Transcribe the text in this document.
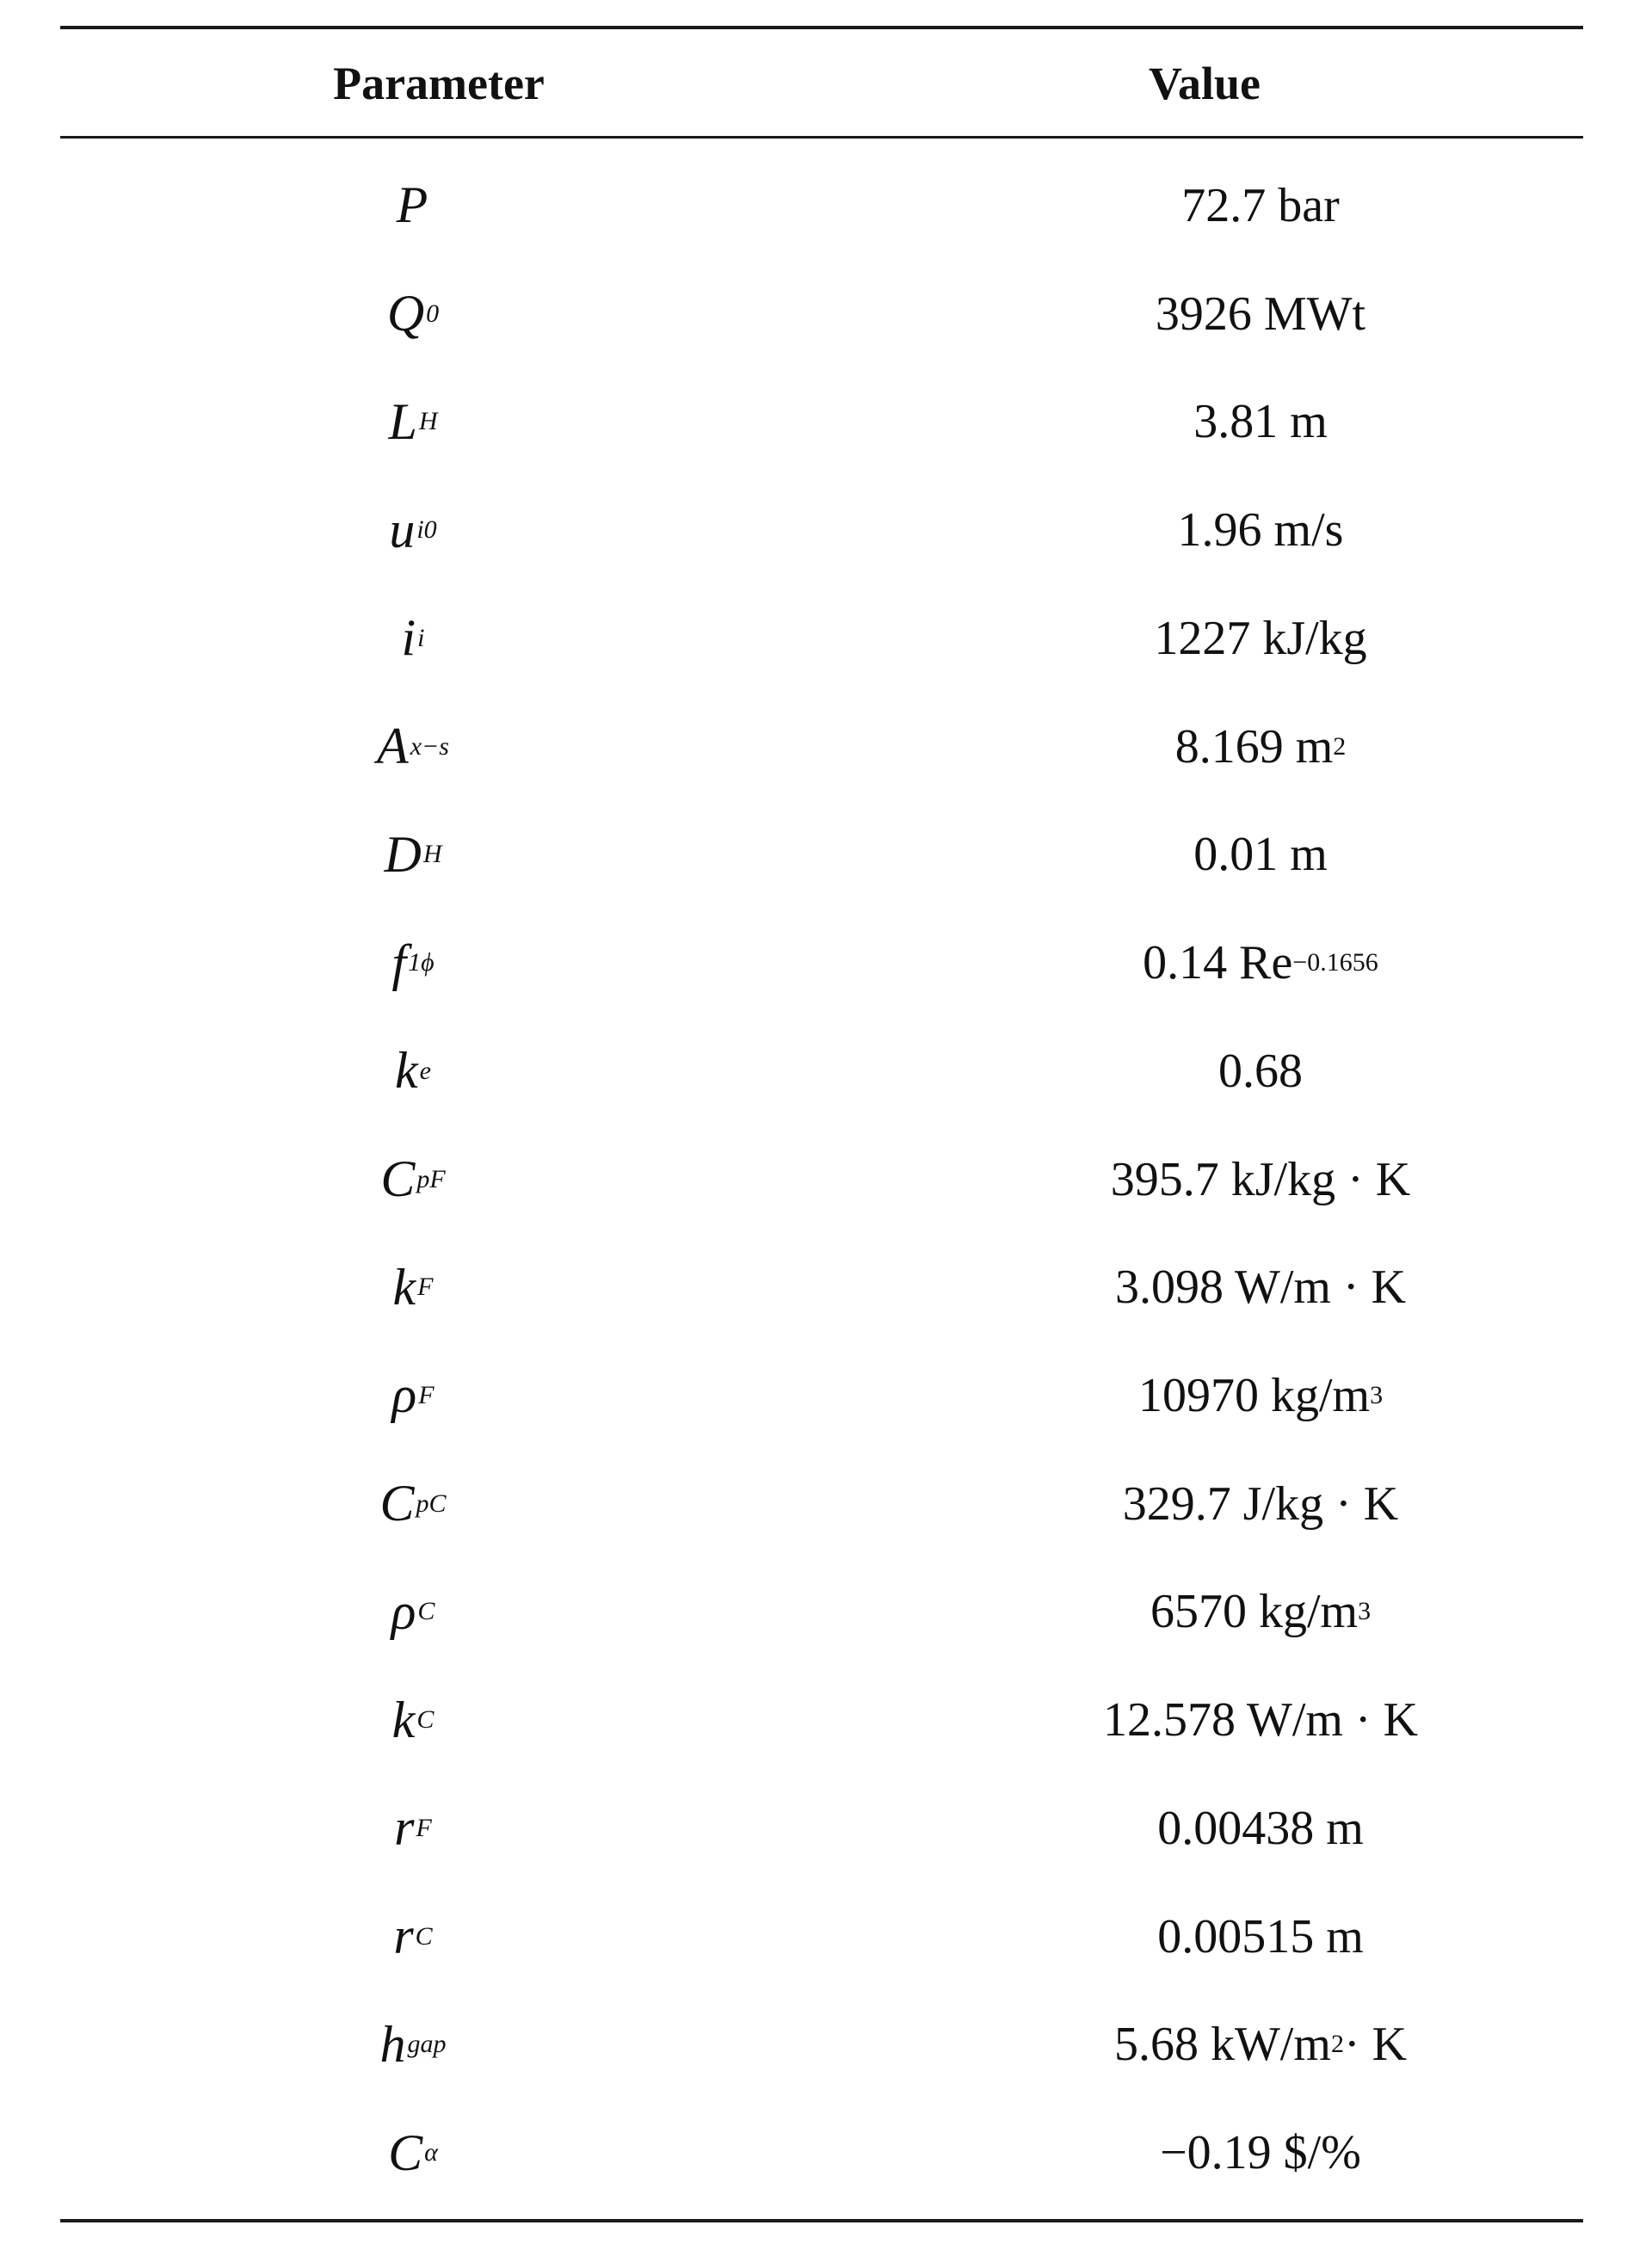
Parameter	Value
P	72.7 bar
Q 0	3926 MWt
L H	3.81 m
u i0	1.96 m/s
i i	1227 kJ/kg
A x−s	8.169 m 2
D H	0.01 m
f 1ϕ	0.14 Re −0.1656
k e	0.68
C pF	395.7 kJ/kg · K
k F	3.098 W/m · K
ρ F	10970 kg/m 3
C pC	329.7 J/kg · K
ρ C	6570 kg/m 3
k C	12.578 W/m · K
r F	0.00438 m
r C	0.00515 m
h gap	5.68 kW/m 2 · K
C α	−0.19 $/%
